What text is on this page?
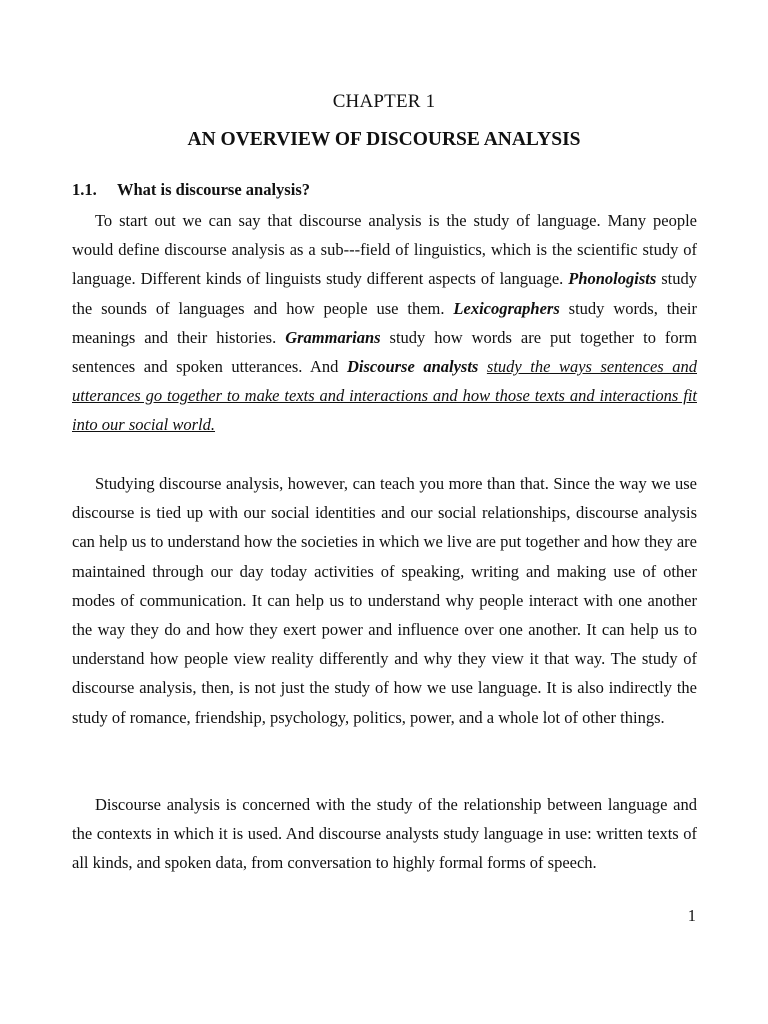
CHAPTER 1
AN OVERVIEW OF DISCOURSE ANALYSIS
1.1. What is discourse analysis?

To start out we can say that discourse analysis is the study of language. Many people would define discourse analysis as a sub---field of linguistics, which is the scientific study of language. Different kinds of linguists study different aspects of language. Phonologists study the sounds of languages and how people use them. Lexicographers study words, their meanings and their histories. Grammarians study how words are put together to form sentences and spoken utterances. And Discourse analysts study the ways sentences and utterances go together to make texts and interactions and how those texts and interactions fit into our social world.

Studying discourse analysis, however, can teach you more than that. Since the way we use discourse is tied up with our social identities and our social relationships, discourse analysis can help us to understand how the societies in which we live are put together and how they are maintained through our day today activities of speaking, writing and making use of other modes of communication. It can help us to understand why people interact with one another the way they do and how they exert power and influence over one another. It can help us to understand how people view reality differently and why they view it that way. The study of discourse analysis, then, is not just the study of how we use language. It is also indirectly the study of romance, friendship, psychology, politics, power, and a whole lot of other things.

Discourse analysis is concerned with the study of the relationship between language and the contexts in which it is used. And discourse analysts study language in use: written texts of all kinds, and spoken data, from conversation to highly formal forms of speech.

1
